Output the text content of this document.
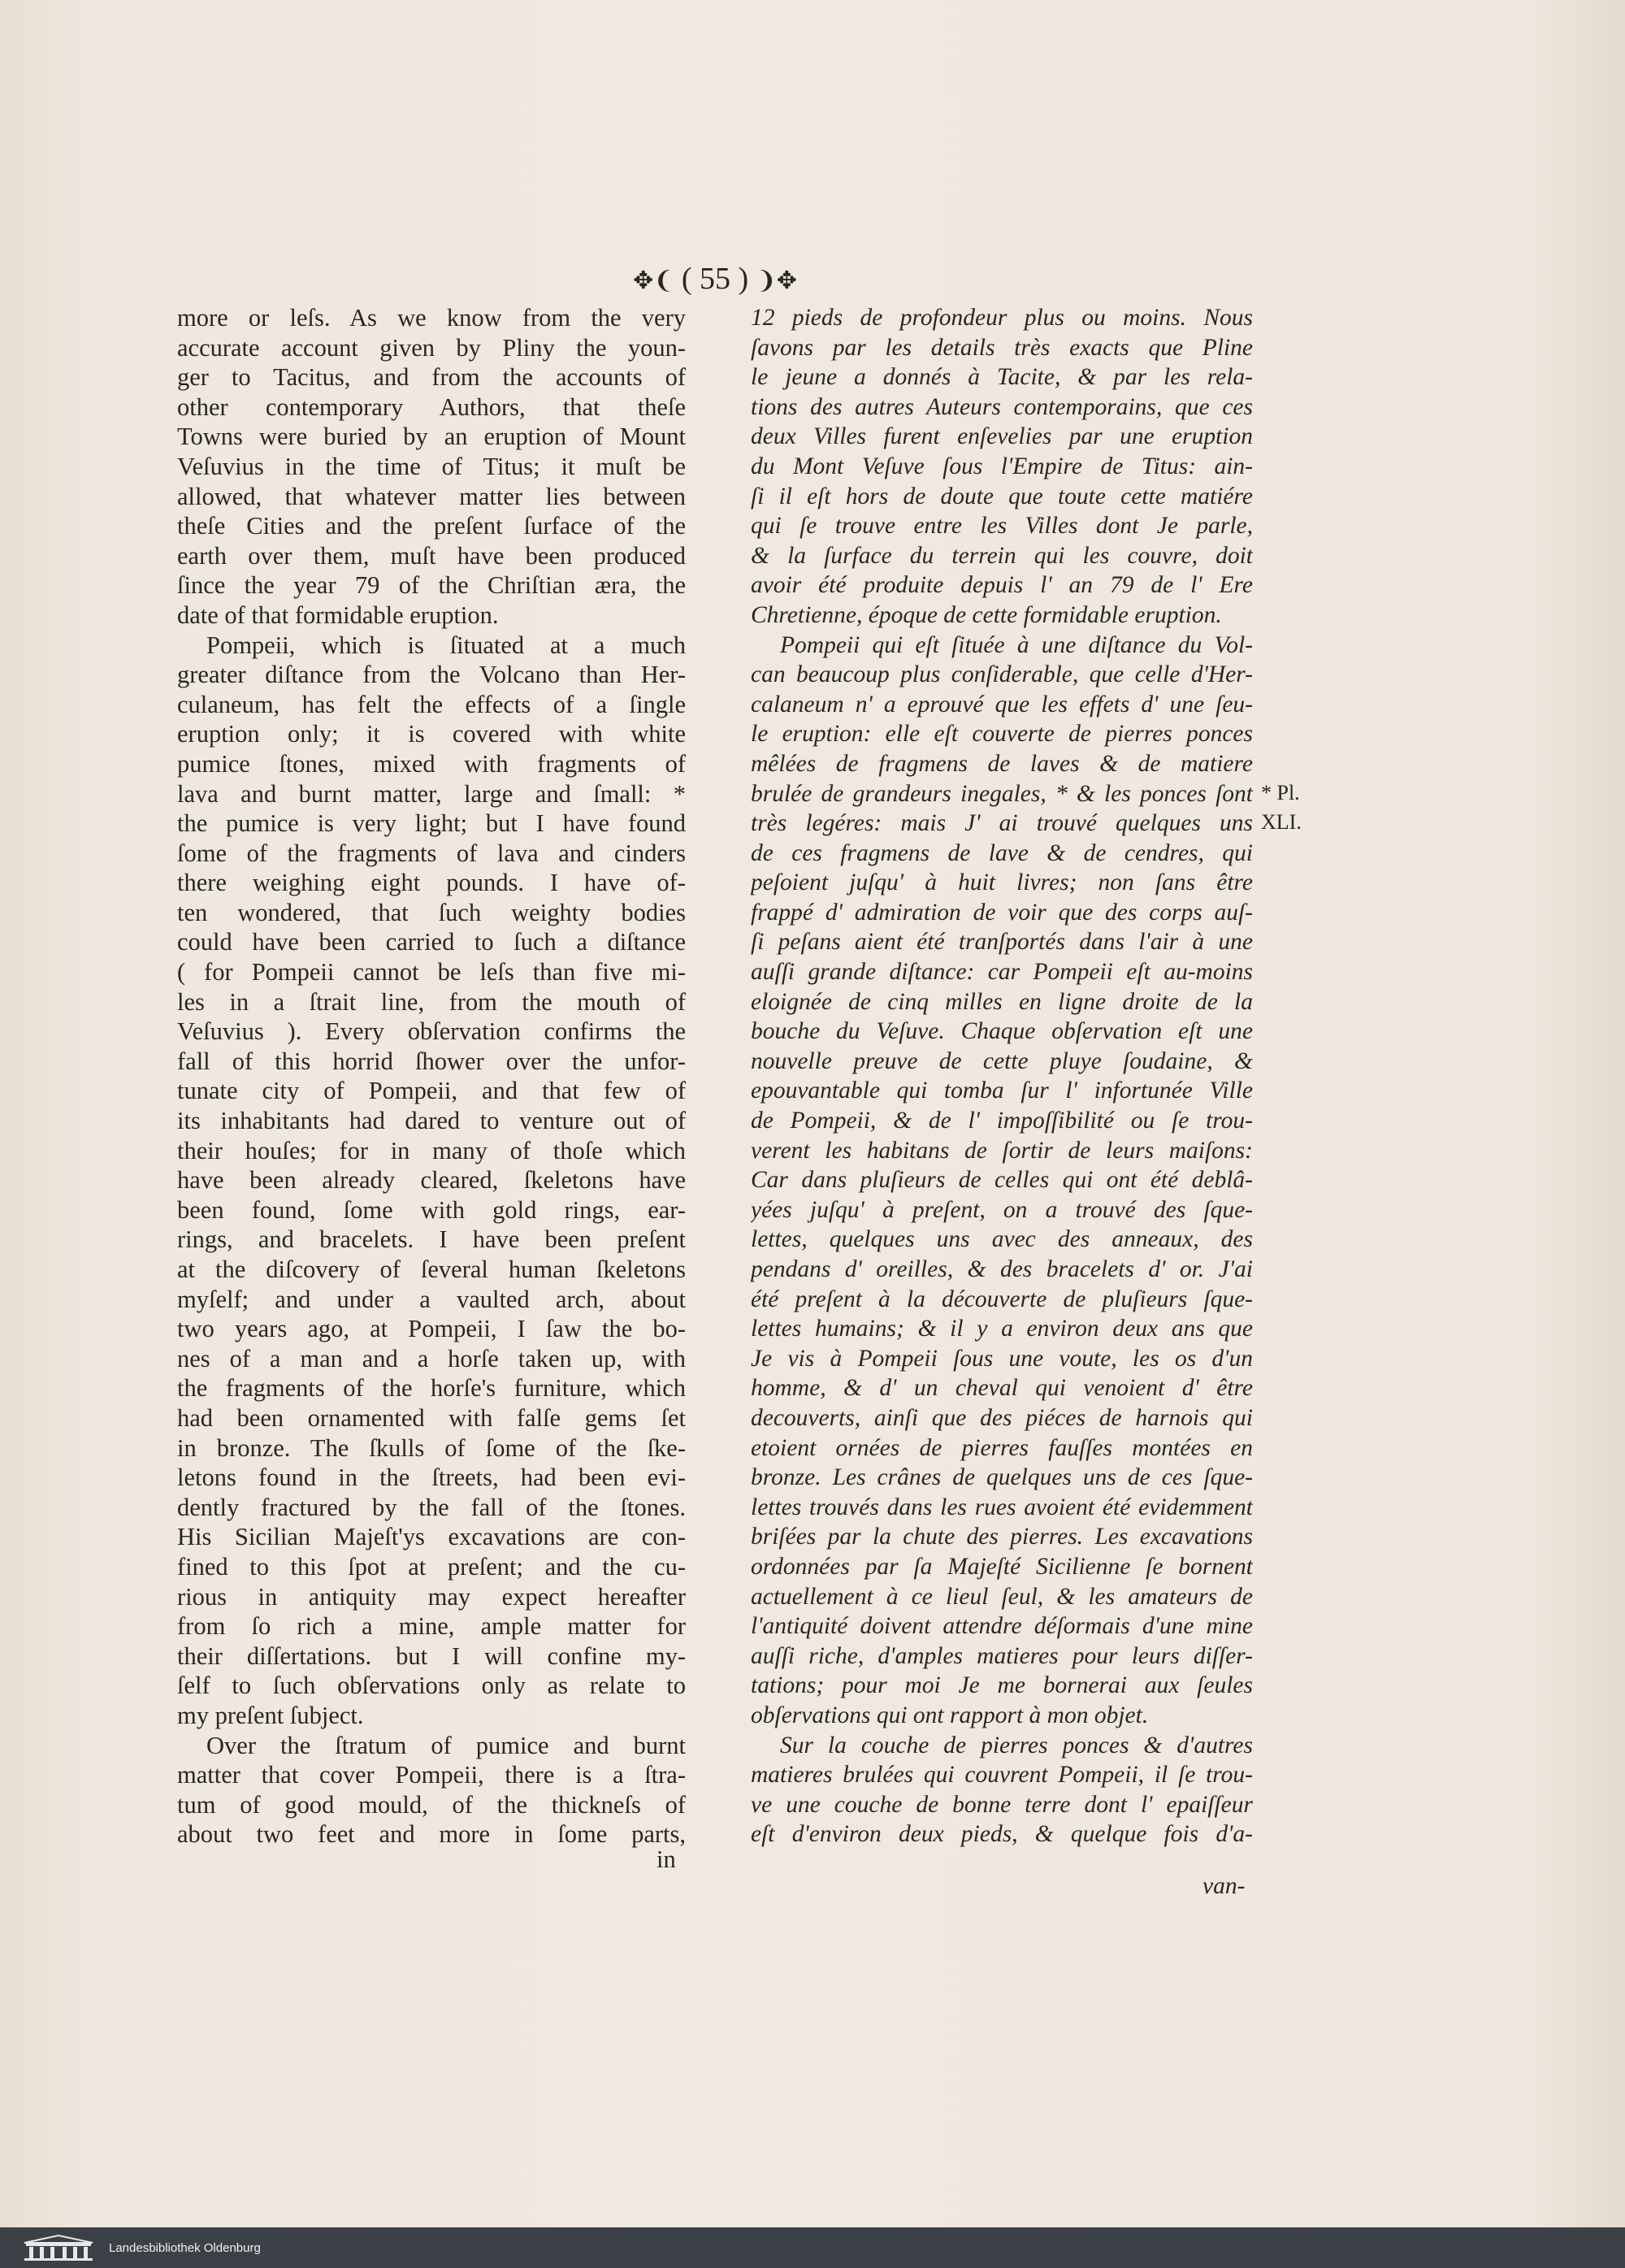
✥❨ ( 55 ) ❩✥
more or leſs. As we know from the very
accurate account given by Pliny the youn-
ger to Tacitus, and from the accounts of
other contemporary Authors, that theſe
Towns were buried by an eruption of Mount
Veſuvius in the time of Titus; it muſt be
allowed, that whatever matter lies between
theſe Cities and the preſent ſurface of the
earth over them, muſt have been produced
ſince the year 79 of the Chriſtian æra, the
date of that formidable eruption.
Pompeii, which is ſituated at a much
greater diſtance from the Volcano than Her-
culaneum, has felt the effects of a ſingle
eruption only; it is covered with white
pumice ſtones, mixed with fragments of
lava and burnt matter, large and ſmall: *
the pumice is very light; but I have found
ſome of the fragments of lava and cinders
there weighing eight pounds. I have of-
ten wondered, that ſuch weighty bodies
could have been carried to ſuch a diſtance
( for Pompeii cannot be leſs than five mi-
les in a ſtrait line, from the mouth of
Veſuvius ). Every obſervation confirms the
fall of this horrid ſhower over the unfor-
tunate city of Pompeii, and that few of
its inhabitants had dared to venture out of
their houſes; for in many of thoſe which
have been already cleared, ſkeletons have
been found, ſome with gold rings, ear-
rings, and bracelets. I have been preſent
at the diſcovery of ſeveral human ſkeletons
myſelf; and under a vaulted arch, about
two years ago, at Pompeii, I ſaw the bo-
nes of a man and a horſe taken up, with
the fragments of the horſe's furniture, which
had been ornamented with falſe gems ſet
in bronze. The ſkulls of ſome of the ſke-
letons found in the ſtreets, had been evi-
dently fractured by the fall of the ſtones.
His Sicilian Majeſt'ys excavations are con-
fined to this ſpot at preſent; and the cu-
rious in antiquity may expect hereafter
from ſo rich a mine, ample matter for
their diſſertations. but I will confine my-
ſelf to ſuch obſervations only as relate to
my preſent ſubject.
Over the ſtratum of pumice and burnt
matter that cover Pompeii, there is a ſtra-
tum of good mould, of the thickneſs of
about two feet and more in ſome parts,
in
12 pieds de profondeur plus ou moins. Nous
ſavons par les details très exacts que Pline
le jeune a donnés à Tacite, & par les rela-
tions des autres Auteurs contemporains, que ces
deux Villes furent enſevelies par une eruption
du Mont Veſuve ſous l'Empire de Titus: ain-
ſi il eſt hors de doute que toute cette matiére
qui ſe trouve entre les Villes dont Je parle,
& la ſurface du terrein qui les couvre, doit
avoir été produite depuis l' an 79 de l' Ere
Chretienne, époque de cette formidable eruption.
Pompeii qui eſt ſituée à une diſtance du Vol-
can beaucoup plus conſiderable, que celle d'Her-
calaneum n' a eprouvé que les effets d' une ſeu-
le eruption: elle eſt couverte de pierres ponces
mêlées de fragmens de laves & de matiere
brulée de grandeurs inegales, * & les ponces ſont
très legéres: mais J' ai trouvé quelques uns
de ces fragmens de lave & de cendres, qui
peſoient juſqu' à huit livres; non ſans être
frappé d' admiration de voir que des corps auſ-
ſi peſans aient été tranſportés dans l'air à une
auſſi grande diſtance: car Pompeii eſt au-moins
eloignée de cinq milles en ligne droite de la
bouche du Veſuve. Chaque obſervation eſt une
nouvelle preuve de cette pluye ſoudaine, &
epouvantable qui tomba ſur l' infortunée Ville
de Pompeii, & de l' impoſſibilité ou ſe trou-
verent les habitans de ſortir de leurs maiſons:
Car dans pluſieurs de celles qui ont été deblâ-
yées juſqu' à preſent, on a trouvé des ſque-
lettes, quelques uns avec des anneaux, des
pendans d' oreilles, & des bracelets d' or. J'ai
été preſent à la découverte de pluſieurs ſque-
lettes humains; & il y a environ deux ans que
Je vis à Pompeii ſous une voute, les os d'un
homme, & d' un cheval qui venoient d' être
decouverts, ainſi que des piéces de harnois qui
etoient ornées de pierres fauſſes montées en
bronze. Les crânes de quelques uns de ces ſque-
lettes trouvés dans les rues avoient été evidemment
briſées par la chute des pierres. Les excavations
ordonnées par ſa Majeſté Sicilienne ſe bornent
actuellement à ce lieul ſeul, & les amateurs de
l'antiquité doivent attendre déſormais d'une mine
auſſi riche, d'amples matieres pour leurs diſſer-
tations; pour moi Je me bornerai aux ſeules
obſervations qui ont rapport à mon objet.
Sur la couche de pierres ponces & d'autres
matieres brulées qui couvrent Pompeii, il ſe trou-
ve une couche de bonne terre dont l' epaiſſeur
eſt d'environ deux pieds, & quelque fois d'a-
van-
* Pl.
XLI.
Landesbibliothek Oldenburg
